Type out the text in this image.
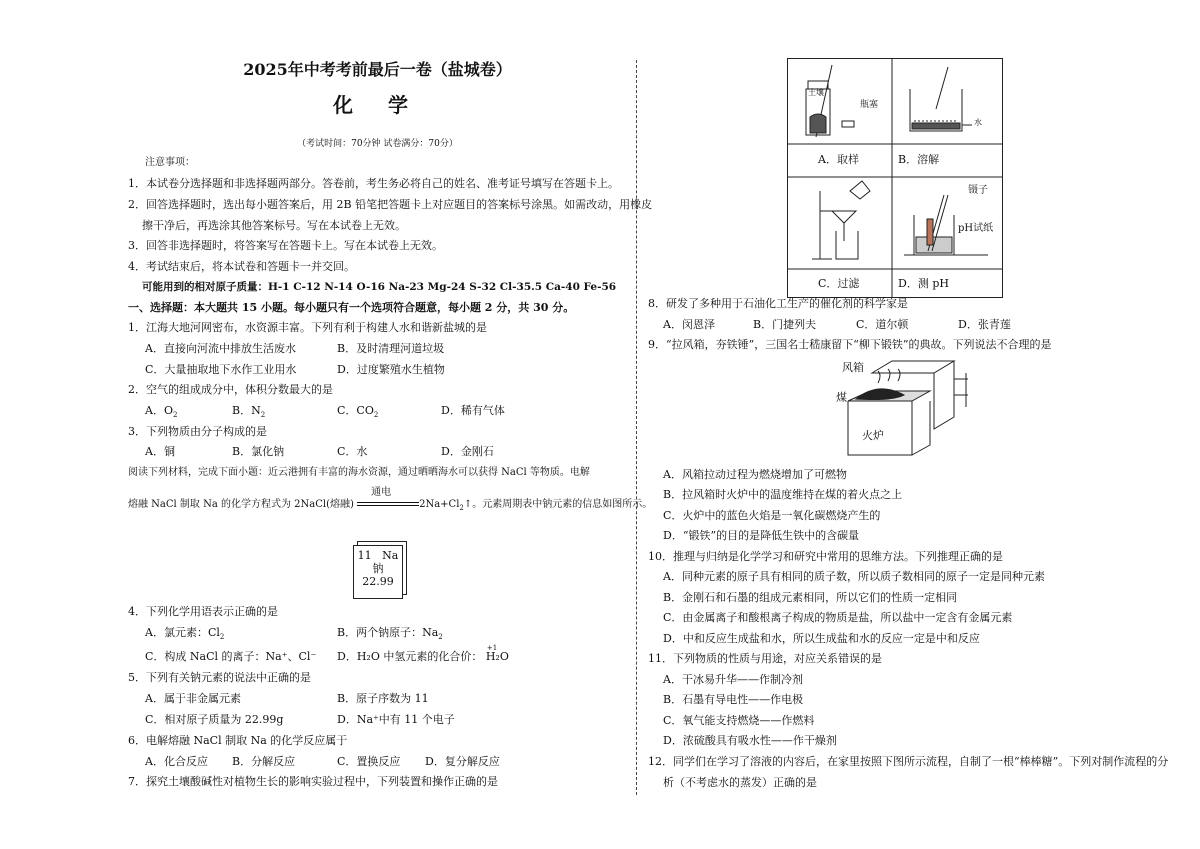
2025年中考考前最后一卷（盐城卷）
化 学
（考试时间：70分钟 试卷满分：70分）
注意事项：
1．本试卷分选择题和非选择题两部分。答卷前，考生务必将自己的姓名、准考证号填写在答题卡上。
2．回答选择题时，选出每小题答案后，用 2B 铅笔把答题卡上对应题目的答案标号涂黑。如需改动，用橡皮
擦干净后，再选涂其他答案标号。写在本试卷上无效。
3．回答非选择题时，将答案写在答题卡上。写在本试卷上无效。
4．考试结束后，将本试卷和答题卡一并交回。
可能用到的相对原子质量：H-1 C-12 N-14 O-16 Na-23 Mg-24 S-32 Cl-35.5 Ca-40 Fe-56
一、选择题：本大题共 15 小题。每小题只有一个选项符合题意，每小题 2 分，共 30 分。
1．江海大地河网密布，水资源丰富。下列有利于构建人水和谐新盐城的是
A．直接向河流中排放生活废水	B．及时清理河道垃圾
C．大量抽取地下水作工业用水	D．过度繁殖水生植物
2．空气的组成成分中，体积分数最大的是
A．$O_2$	B．$N_2$	C．$CO_2$	D．稀有气体
3．下列物质由分子构成的是
A．铜	B．氯化钠	C．水	D．金刚石
阅读下列材料，完成下面小题：近云港拥有丰富的海水资源，通过晒晒海水可以获得 NaCl 等物质。电解
熔融 NaCl 制取 Na 的化学方程式为 2NaCl(熔融)
通电
$2Na+Cl_2↑$。元素周期表中钠元素的信息如图所示。
4．下列化学用语表示正确的是
A．氯元素：$Cl_2$	B．两个钠原子：$Na_2$
C．构成 NaCl 的离子：Na⁺、Cl⁻ D．H₂O 中氢元素的化合价：
+1
H₂O
5．下列有关钠元素的说法中正确的是
A．属于非金属元素	B．原子序数为 11
C．相对原子质量为 22.99g	D．Na⁺中有 11 个电子
6．电解熔融 NaCl 制取 Na 的化学反应属于
A．化合反应 B．分解反应	C．置换反应 D．复分解反应
7．探究土壤酸碱性对植物生长的影响实验过程中，下列装置和操作正确的是
11 Na
钠
22.99
土壤
瓶塞
水
镊子
pH试纸
A．取样	B．溶解
C．过滤	D．测 pH
8．研发了多种用于石油化工生产的催化剂的科学家是
A．闵恩泽	B．门捷列夫	C．道尔顿	D．张青莲
9．“拉风箱，夯铁锤”，三国名士嵇康留下“柳下锻铁”的典故。下列说法不合理的是
A．风箱拉动过程为燃烧增加了可燃物
B．拉风箱时火炉中的温度维持在煤的着火点之上
C．火炉中的蓝色火焰是一氧化碳燃烧产生的
D．“锻铁”的目的是降低生铁中的含碳量
10．推理与归纳是化学学习和研究中常用的思维方法。下列推理正确的是
A．同种元素的原子具有相同的质子数，所以质子数相同的原子一定是同种元素
B．金刚石和石墨的组成元素相同，所以它们的性质一定相同
C．由金属离子和酸根离子构成的物质是盐，所以盐中一定含有金属元素
D．中和反应生成盐和水，所以生成盐和水的反应一定是中和反应
11．下列物质的性质与用途，对应关系错误的是
A．干冰易升华——作制冷剂
B．石墨有导电性——作电极
C．氧气能支持燃烧——作燃料
D．浓硫酸具有吸水性——作干燥剂
12．同学们在学习了溶液的内容后，在家里按照下图所示流程，自制了一根“棒棒糖”。下列对制作流程的分
析（不考虑水的蒸发）正确的是
风箱
煤
火炉
